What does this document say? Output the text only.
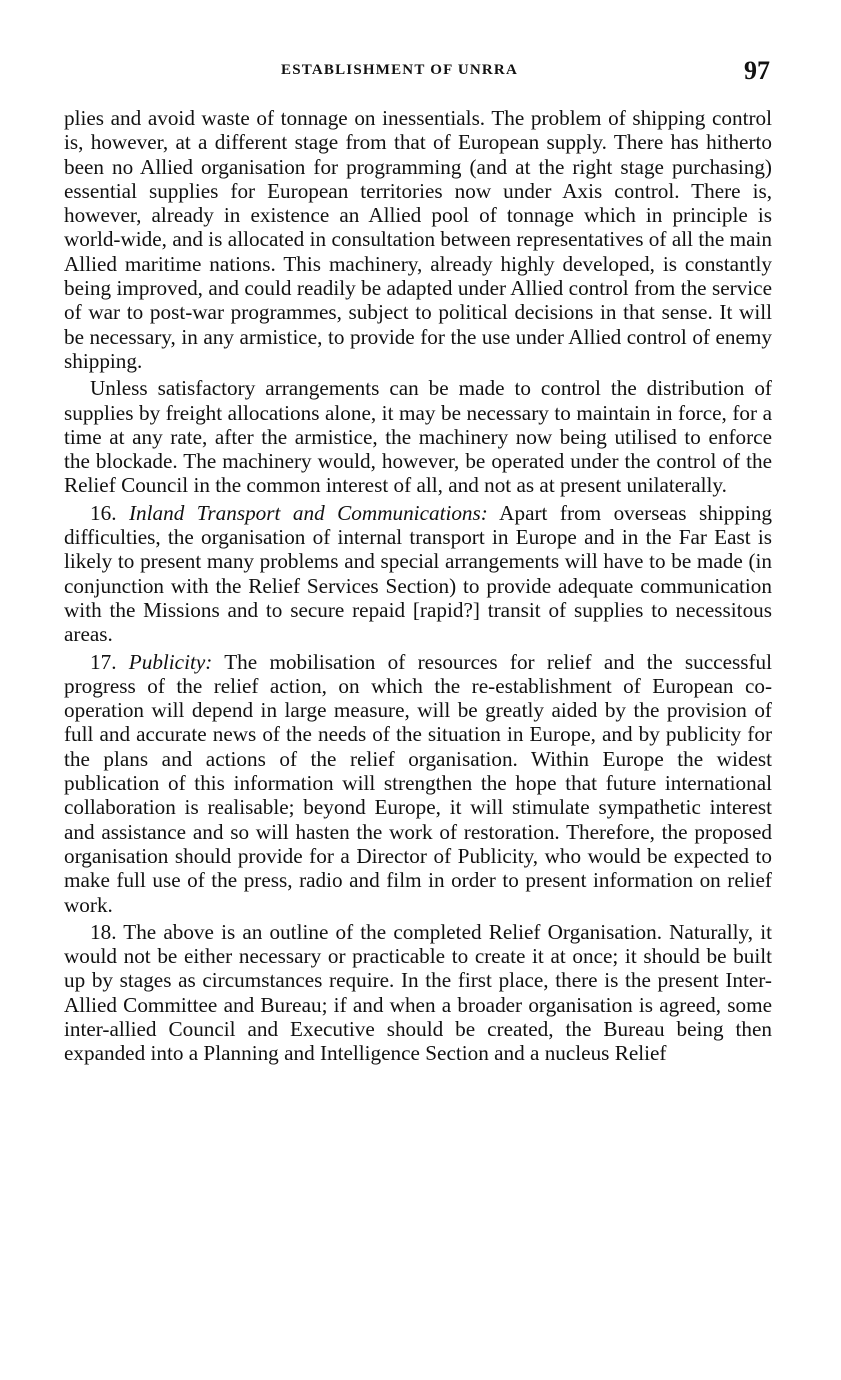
ESTABLISHMENT OF UNRRA	97

plies and avoid waste of tonnage on inessentials. The problem of shipping control is, however, at a different stage from that of European supply. There has hitherto been no Allied organisation for programming (and at the right stage purchasing) essential supplies for European territories now under Axis control. There is, however, already in existence an Allied pool of tonnage which in principle is world-wide, and is allocated in consultation between representatives of all the main Allied maritime nations. This machinery, already highly developed, is constantly being improved, and could readily be adapted under Allied control from the service of war to post-war programmes, subject to political decisions in that sense. It will be necessary, in any armistice, to provide for the use under Allied control of enemy shipping.

Unless satisfactory arrangements can be made to control the distribution of supplies by freight allocations alone, it may be necessary to maintain in force, for a time at any rate, after the armistice, the machinery now being utilised to enforce the blockade. The machinery would, however, be operated under the control of the Relief Council in the common interest of all, and not as at present unilaterally.

16. Inland Transport and Communications: Apart from overseas shipping difficulties, the organisation of internal transport in Europe and in the Far East is likely to present many problems and special arrangements will have to be made (in conjunction with the Relief Services Section) to provide adequate communication with the Missions and to secure repaid [rapid?] transit of supplies to necessitous areas.

17. Publicity: The mobilisation of resources for relief and the successful progress of the relief action, on which the re-establishment of European co-operation will depend in large measure, will be greatly aided by the provision of full and accurate news of the needs of the situation in Europe, and by publicity for the plans and actions of the relief organisation. Within Europe the widest publication of this information will strengthen the hope that future international collaboration is realisable; beyond Europe, it will stimulate sympathetic interest and assistance and so will hasten the work of restoration. Therefore, the proposed organisation should provide for a Director of Publicity, who would be expected to make full use of the press, radio and film in order to present information on relief work.

18. The above is an outline of the completed Relief Organisation. Naturally, it would not be either necessary or practicable to create it at once; it should be built up by stages as circumstances require. In the first place, there is the present Inter-Allied Committee and Bureau; if and when a broader organisation is agreed, some inter-allied Council and Executive should be created, the Bureau being then expanded into a Planning and Intelligence Section and a nucleus Relief
